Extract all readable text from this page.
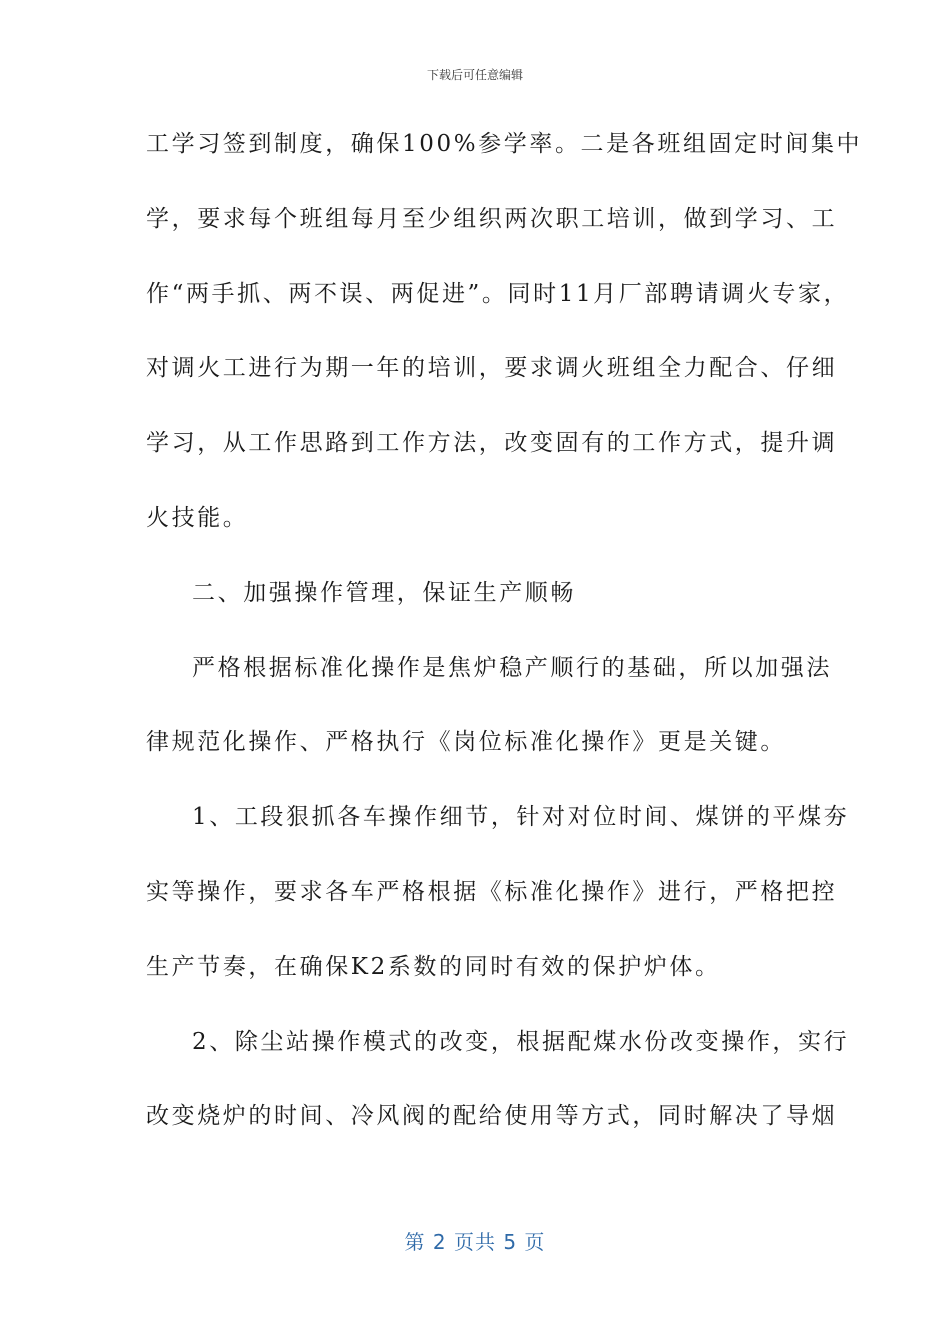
下载后可任意编辑
工学习签到制度，确保100%参学率。二是各班组固定时间集中
学，要求每个班组每月至少组织两次职工培训，做到学习、工
作“两手抓、两不误、两促进”。同时11月厂部聘请调火专家，
对调火工进行为期一年的培训，要求调火班组全力配合、仔细
学习，从工作思路到工作方法，改变固有的工作方式，提升调
火技能。
二、加强操作管理，保证生产顺畅
严格根据标准化操作是焦炉稳产顺行的基础，所以加强法
律规范化操作、严格执行《岗位标准化操作》更是关键。
1、工段狠抓各车操作细节，针对对位时间、煤饼的平煤夯
实等操作，要求各车严格根据《标准化操作》进行，严格把控
生产节奏，在确保K2系数的同时有效的保护炉体。
2、除尘站操作模式的改变，根据配煤水份改变操作，实行
改变烧炉的时间、冷风阀的配给使用等方式，同时解决了导烟
第 2 页共 5 页
